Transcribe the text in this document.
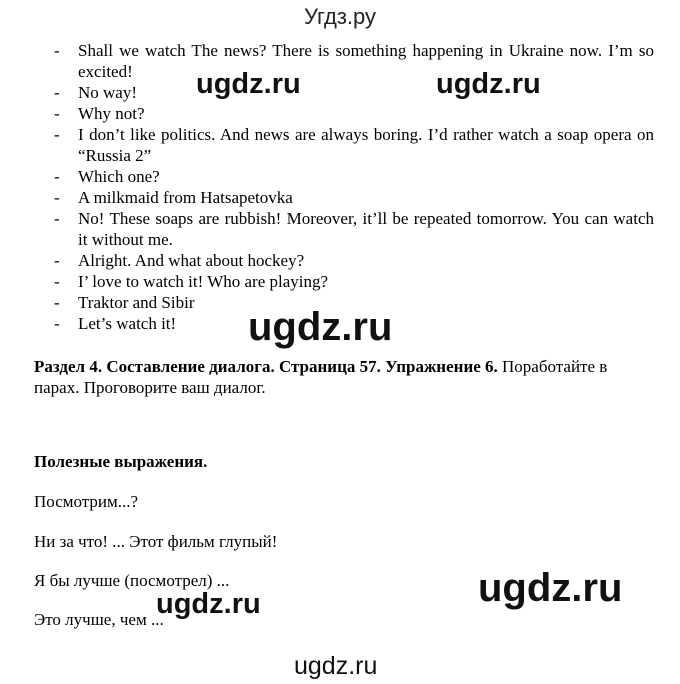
Угдз.ру
- Shall we watch The news? There is something happening in Ukraine now. I’m so excited!
- No way!
- Why not?
- I don’t like politics. And news are always boring. I’d rather watch a soap opera on “Russia 2”
- Which one?
- A milkmaid from Hatsapetovka
- No! These soaps are rubbish! Moreover, it’ll be repeated tomorrow. You can watch it without me.
- Alright. And what about hockey?
- I’ love to watch it! Who are playing?
- Traktor and Sibir
- Let’s watch it!
Раздел 4. Составление диалога. Страница 57. Упражнение 6. Поработайте в парах. Проговорите ваш диалог.
Полезные выражения.
Посмотрим...?
Ни за что! ... Этот фильм глупый!
Я бы лучше (посмотрел) ...
Это лучше, чем ...
ugdz.ru	ugdz.ru
ugdz.ru
ugdz.ru
ugdz.ru
ugdz.ru
